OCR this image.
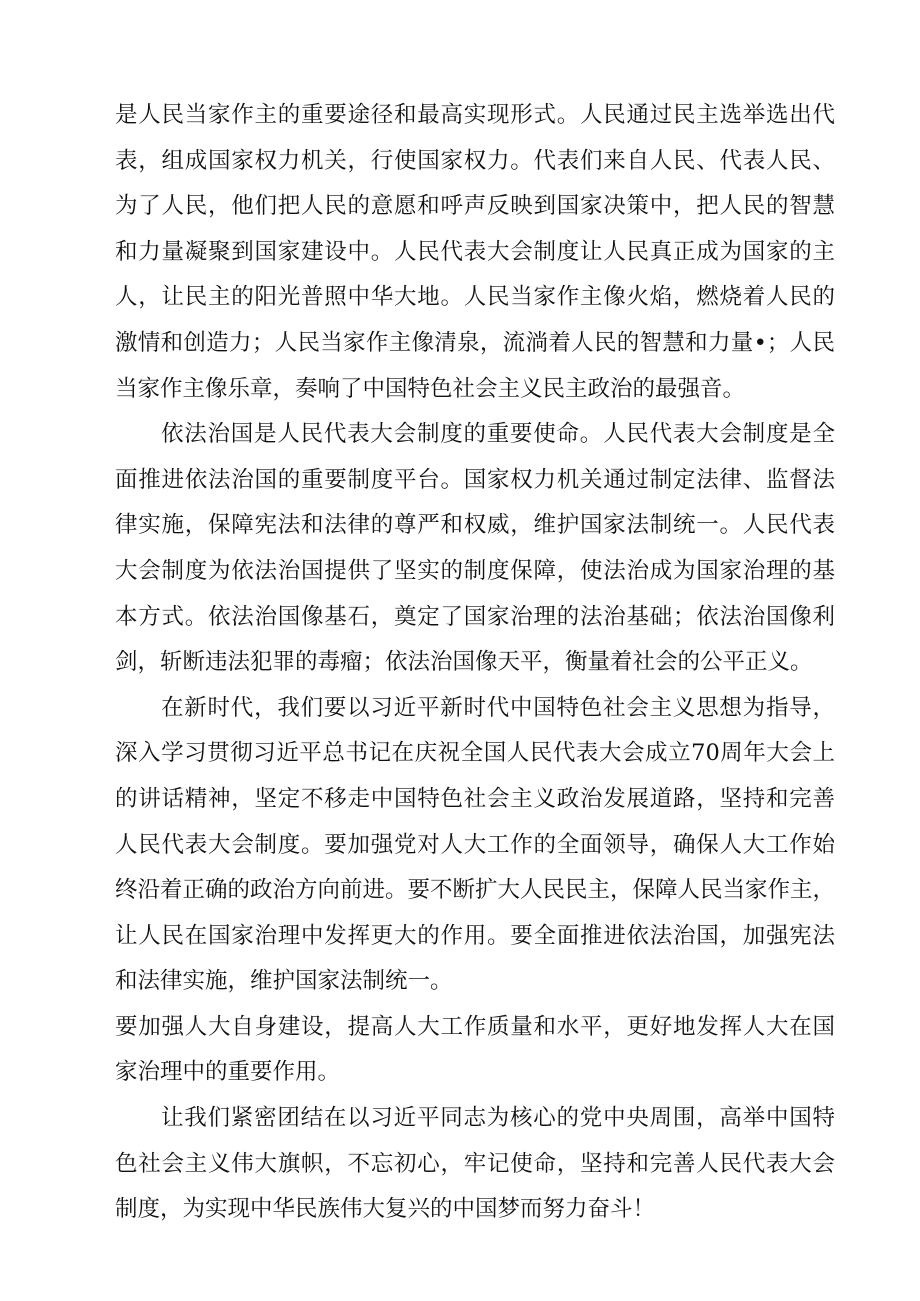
是人民当家作主的重要途径和最高实现形式。人民通过民主选举选出代
表，组成国家权力机关，行使国家权力。代表们来自人民、代表人民、
为了人民，他们把人民的意愿和呼声反映到国家决策中，把人民的智慧
和力量凝聚到国家建设中。人民代表大会制度让人民真正成为国家的主
人，让民主的阳光普照中华大地。人民当家作主像火焰，燃烧着人民的
激情和创造力；人民当家作主像清泉，流淌着人民的智慧和力量•；人民
当家作主像乐章，奏响了中国特色社会主义民主政治的最强音。
依法治国是人民代表大会制度的重要使命。人民代表大会制度是全
面推进依法治国的重要制度平台。国家权力机关通过制定法律、监督法
律实施，保障宪法和法律的尊严和权威，维护国家法制统一。人民代表
大会制度为依法治国提供了坚实的制度保障，使法治成为国家治理的基
本方式。依法治国像基石，奠定了国家治理的法治基础；依法治国像利
剑，斩断违法犯罪的毒瘤；依法治国像天平，衡量着社会的公平正义。
在新时代，我们要以习近平新时代中国特色社会主义思想为指导，
深入学习贯彻习近平总书记在庆祝全国人民代表大会成立70周年大会上
的讲话精神，坚定不移走中国特色社会主义政治发展道路，坚持和完善
人民代表大会制度。要加强党对人大工作的全面领导，确保人大工作始
终沿着正确的政治方向前进。要不断扩大人民民主，保障人民当家作主，
让人民在国家治理中发挥更大的作用。要全面推进依法治国，加强宪法
和法律实施，维护国家法制统一。
要加强人大自身建设，提高人大工作质量和水平，更好地发挥人大在国
家治理中的重要作用。
让我们紧密团结在以习近平同志为核心的党中央周围，高举中国特
色社会主义伟大旗帜，不忘初心，牢记使命，坚持和完善人民代表大会
制度，为实现中华民族伟大复兴的中国梦而努力奋斗！
